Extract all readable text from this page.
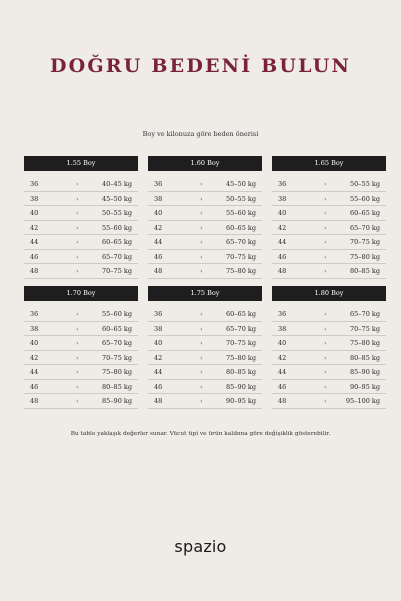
DOĞRU BEDENİ BULUN
Boy ve kilonuza göre beden önerisi
1.55 Boy
36	›	40–45 kg
38	›	45–50 kg
40	›	50–55 kg
42	›	55–60 kg
44	›	60–65 kg
46	›	65–70 kg
48	›	70–75 kg
1.60 Boy
36	›	45–50 kg
38	›	50–55 kg
40	›	55–60 kg
42	›	60–65 kg
44	›	65–70 kg
46	›	70–75 kg
48	›	75–80 kg
1.65 Boy
36	›	50–55 kg
38	›	55–60 kg
40	›	60–65 kg
42	›	65–70 kg
44	›	70–75 kg
46	›	75–80 kg
48	›	80–85 kg
1.70 Boy
36	›	55–60 kg
38	›	60–65 kg
40	›	65–70 kg
42	›	70–75 kg
44	›	75–80 kg
46	›	80–85 kg
48	›	85–90 kg
1.75 Boy
36	›	60–65 kg
38	›	65–70 kg
40	›	70–75 kg
42	›	75–80 kg
44	›	80–85 kg
46	›	85–90 kg
48	›	90–95 kg
1.80 Boy
36	›	65–70 kg
38	›	70–75 kg
40	›	75–80 kg
42	›	80–85 kg
44	›	85–90 kg
46	›	90–95 kg
48	›	95–100 kg
Bu tablo yaklaşık değerler sunar. Vücut tipi ve ürün kalıbına göre değişiklik gösterebilir.
spazio
